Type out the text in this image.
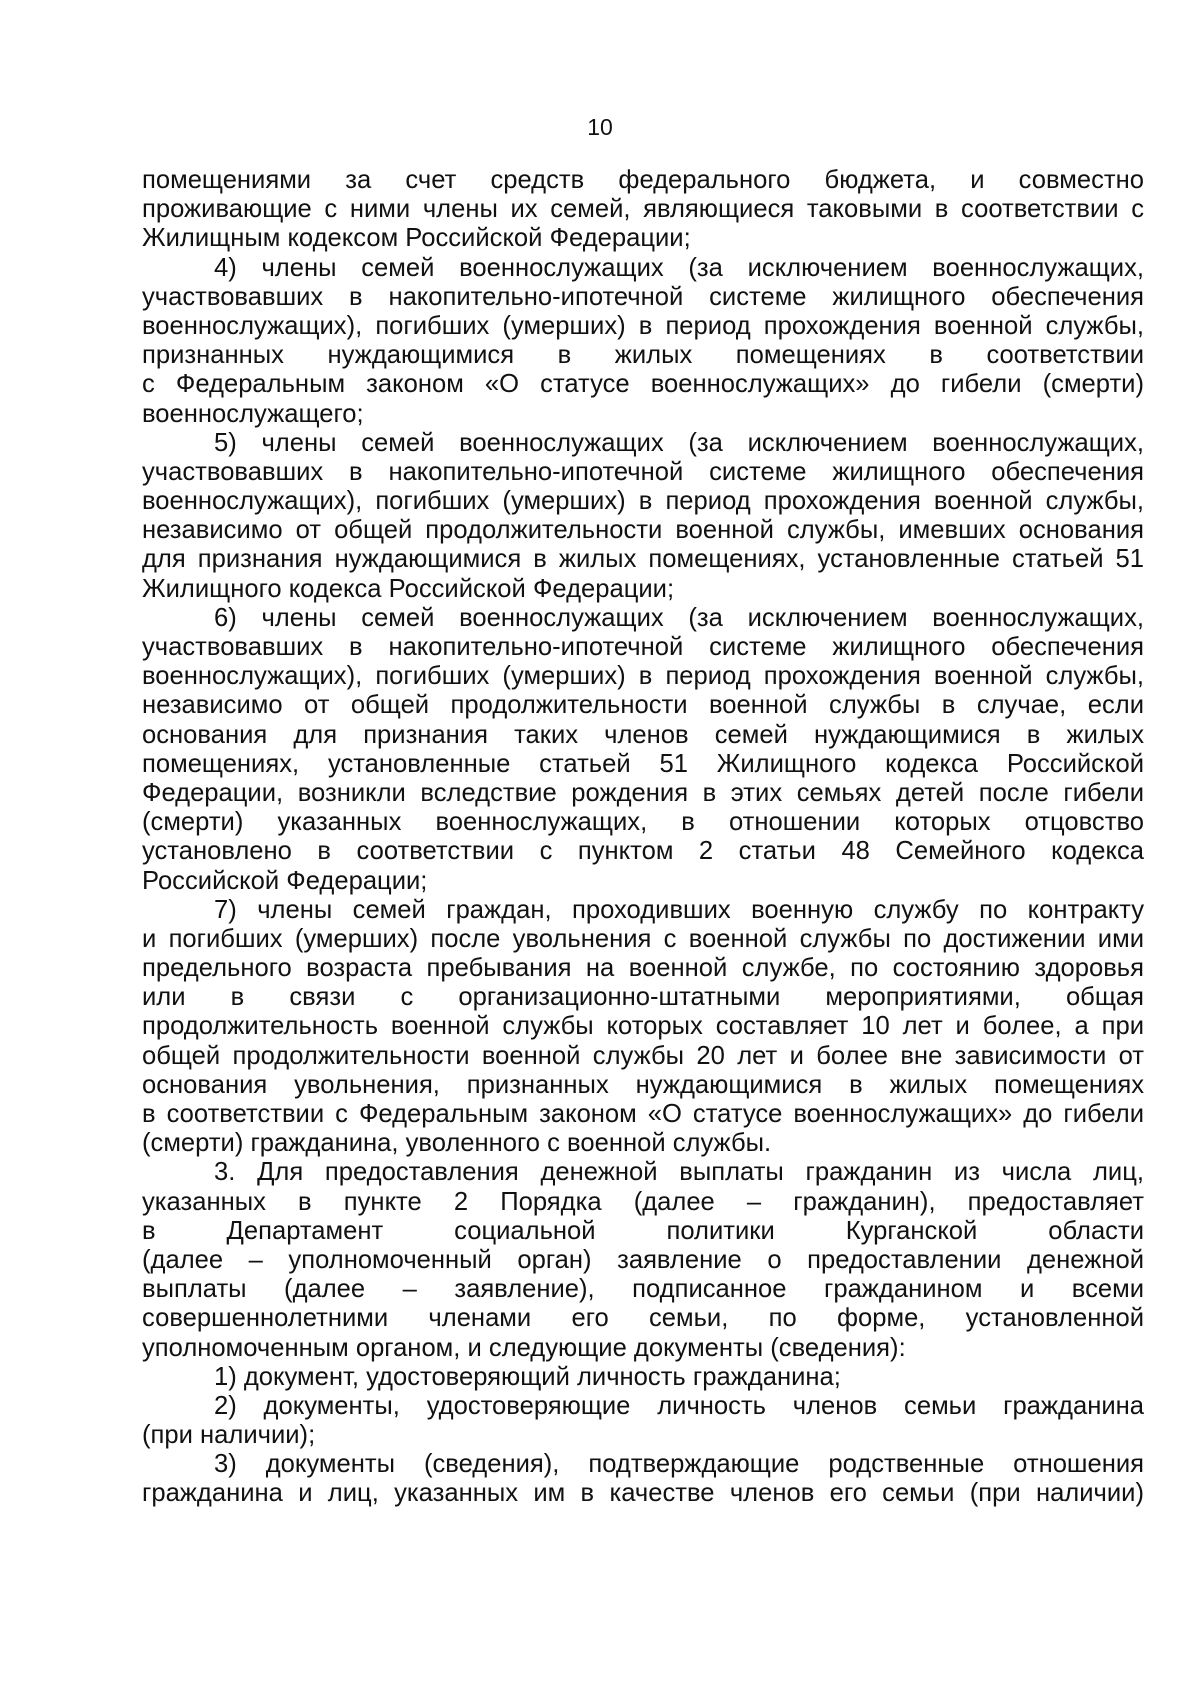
10
помещениями за счет средств федерального бюджета, и совместно
проживающие с ними члены их семей, являющиеся таковыми в соответствии с
Жилищным кодексом Российской Федерации;
4) члены семей военнослужащих (за исключением военнослужащих,
участвовавших в накопительно-ипотечной системе жилищного обеспечения
военнослужащих), погибших (умерших) в период прохождения военной службы,
признанных нуждающимися в жилых помещениях в соответствии
с Федеральным законом «О статусе военнослужащих» до гибели (смерти)
военнослужащего;
5) члены семей военнослужащих (за исключением военнослужащих,
участвовавших в накопительно-ипотечной системе жилищного обеспечения
военнослужащих), погибших (умерших) в период прохождения военной службы,
независимо от общей продолжительности военной службы, имевших основания
для признания нуждающимися в жилых помещениях, установленные статьей 51
Жилищного кодекса Российской Федерации;
6) члены семей военнослужащих (за исключением военнослужащих,
участвовавших в накопительно-ипотечной системе жилищного обеспечения
военнослужащих), погибших (умерших) в период прохождения военной службы,
независимо от общей продолжительности военной службы в случае, если
основания для признания таких членов семей нуждающимися в жилых
помещениях, установленные статьей 51 Жилищного кодекса Российской
Федерации, возникли вследствие рождения в этих семьях детей после гибели
(смерти) указанных военнослужащих, в отношении которых отцовство
установлено в соответствии с пунктом 2 статьи 48 Семейного кодекса
Российской Федерации;
7) члены семей граждан, проходивших военную службу по контракту
и погибших (умерших) после увольнения с военной службы по достижении ими
предельного возраста пребывания на военной службе, по состоянию здоровья
или в связи с организационно-штатными мероприятиями, общая
продолжительность военной службы которых составляет 10 лет и более, а при
общей продолжительности военной службы 20 лет и более вне зависимости от
основания увольнения, признанных нуждающимися в жилых помещениях
в соответствии с Федеральным законом «О статусе военнослужащих» до гибели
(смерти) гражданина, уволенного с военной службы.
3. Для предоставления денежной выплаты гражданин из числа лиц,
указанных в пункте 2 Порядка (далее – гражданин), предоставляет
в Департамент социальной политики Курганской области
(далее – уполномоченный орган) заявление о предоставлении денежной
выплаты (далее – заявление), подписанное гражданином и всеми
совершеннолетними членами его семьи, по форме, установленной
уполномоченным органом, и следующие документы (сведения):
1) документ, удостоверяющий личность гражданина;
2) документы, удостоверяющие личность членов семьи гражданина
(при наличии);
3) документы (сведения), подтверждающие родственные отношения
гражданина и лиц, указанных им в качестве членов его семьи (при наличии)
